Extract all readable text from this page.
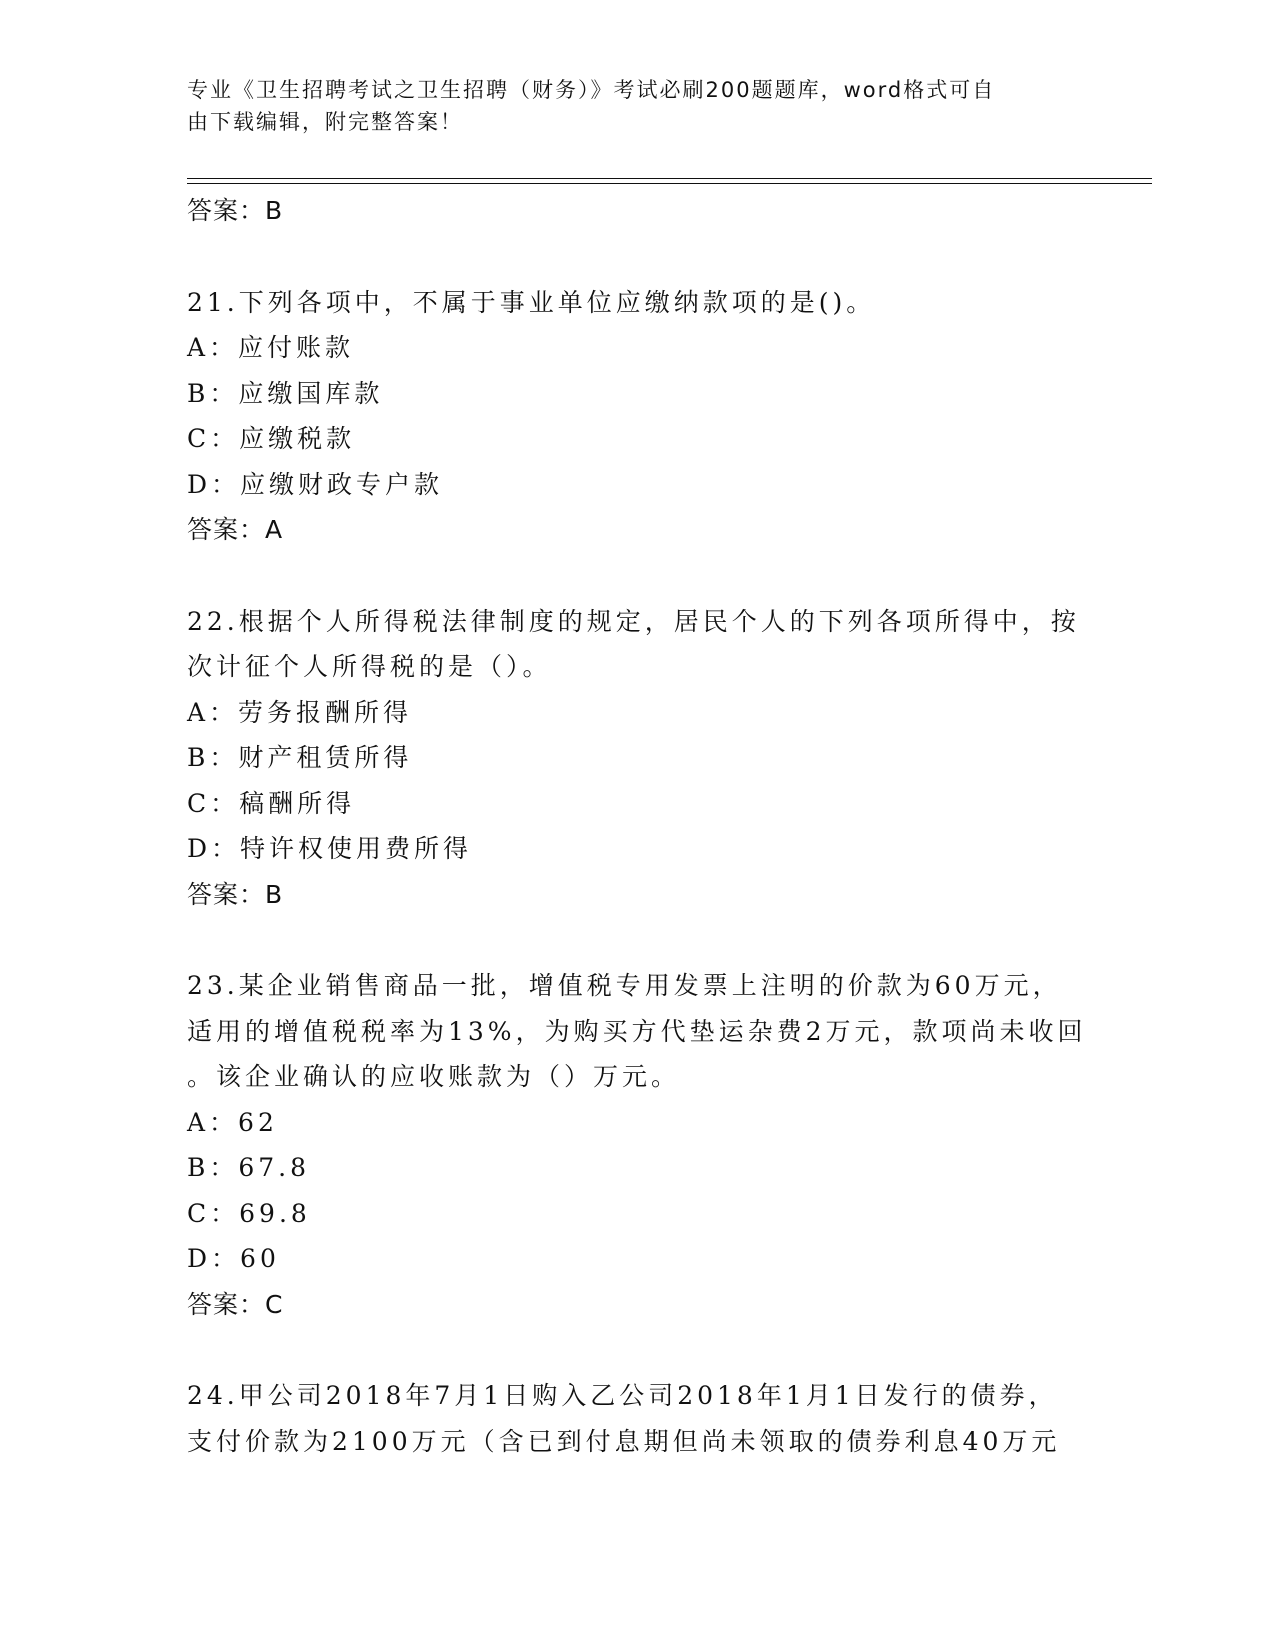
专业《卫生招聘考试之卫生招聘（财务）》考试必刷200题题库，word格式可自
由下载编辑，附完整答案！
答案：B
21.下列各项中，不属于事业单位应缴纳款项的是()。
A：应付账款
B：应缴国库款
C：应缴税款
D：应缴财政专户款
答案：A
22.根据个人所得税法律制度的规定，居民个人的下列各项所得中，按
次计征个人所得税的是（）。
A：劳务报酬所得
B：财产租赁所得
C：稿酬所得
D：特许权使用费所得
答案：B
23.某企业销售商品一批，增值税专用发票上注明的价款为60万元，
适用的增值税税率为13%，为购买方代垫运杂费2万元，款项尚未收回
。该企业确认的应收账款为（）万元。
A：62
B：67.8
C：69.8
D：60
答案：C
24.甲公司2018年7月1日购入乙公司2018年1月1日发行的债券，
支付价款为2100万元（含已到付息期但尚未领取的债券利息40万元
